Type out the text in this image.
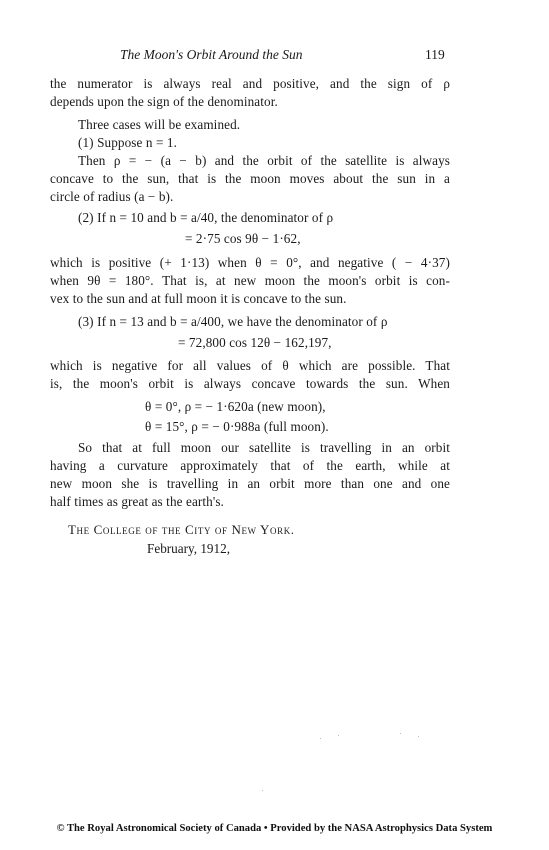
The Moon's Orbit Around the Sun	119
the numerator is always real and positive, and the sign of ρ
depends upon the sign of the denominator.
Three cases will be examined.
(1) Suppose n = 1.
Then ρ = − (a − b) and the orbit of the satellite is always
concave to the sun, that is the moon moves about the sun in a
circle of radius (a − b).
(2) If n = 10 and b = a/40, the denominator of ρ
= 2·75 cos 9θ − 1·62,
which is positive (+ 1·13) when θ = 0°, and negative ( − 4·37)
when 9θ = 180°. That is, at new moon the moon's orbit is con-
vex to the sun and at full moon it is concave to the sun.
(3) If n = 13 and b = a/400, we have the denominator of ρ
= 72,800 cos 12θ − 162,197,
which is negative for all values of θ which are possible. That
is, the moon's orbit is always concave towards the sun. When
θ = 0°, ρ = − 1·620a (new moon),
θ = 15°, ρ = − 0·988a (full moon).
So that at full moon our satellite is travelling in an orbit
having a curvature approximately that of the earth, while at
new moon she is travelling in an orbit more than one and one
half times as great as the earth's.
The College of the City of New York.
February, 1912,
© The Royal Astronomical Society of Canada • Provided by the NASA Astrophysics Data System
